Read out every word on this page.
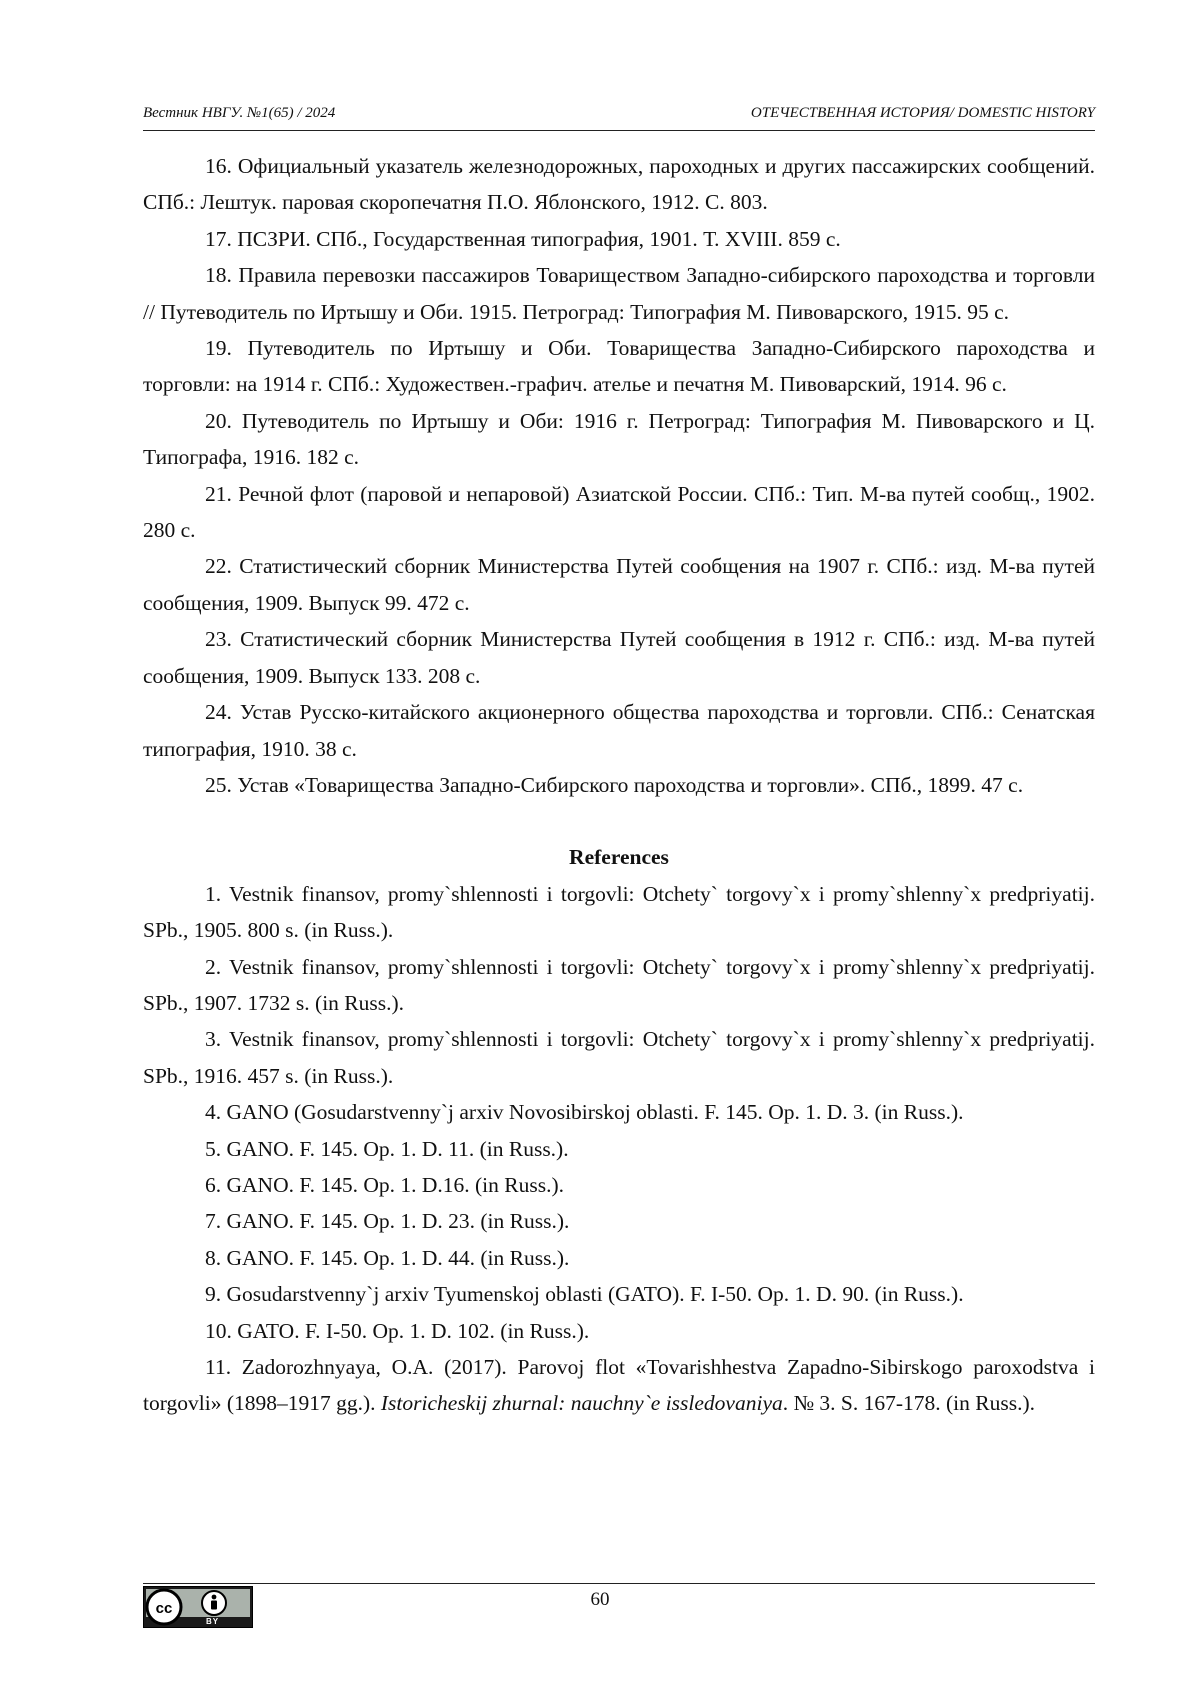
Вестник НВГУ. №1(65) / 2024	ОТЕЧЕСТВЕННАЯ ИСТОРИЯ/ DOMESTIC HISTORY

16. Официальный указатель железнодорожных, пароходных и других пассажирских сообщений. СПб.: Лештук. паровая скоропечатня П.О. Яблонского, 1912. С. 803.

17. ПСЗРИ. СПб., Государственная типография, 1901. Т. XVIII. 859 с.

18. Правила перевозки пассажиров Товариществом Западно-сибирского пароходства и торговли // Путеводитель по Иртышу и Оби. 1915. Петроград: Типография М. Пивоварского, 1915. 95 с.

19. Путеводитель по Иртышу и Оби. Товарищества Западно-Сибирского пароходства и торговли: на 1914 г. СПб.: Художествен.-графич. ателье и печатня М. Пивоварский, 1914. 96 с.

20. Путеводитель по Иртышу и Оби: 1916 г. Петроград: Типография М. Пивоварского и Ц. Типографа, 1916. 182 с.

21. Речной флот (паровой и непаровой) Азиатской России. СПб.: Тип. М-ва путей сообщ., 1902. 280 с.

22. Статистический сборник Министерства Путей сообщения на 1907 г. СПб.: изд. М-ва путей сообщения, 1909. Выпуск 99. 472 с.

23. Статистический сборник Министерства Путей сообщения в 1912 г. СПб.: изд. М-ва путей сообщения, 1909. Выпуск 133. 208 с.

24. Устав Русско-китайского акционерного общества пароходства и торговли. СПб.: Сенатская типография, 1910. 38 с.

25. Устав «Товарищества Западно-Сибирского пароходства и торговли». СПб., 1899. 47 с.

References

1. Vestnik finansov, promy`shlennosti i torgovli: Otchety` torgovy`x i promy`shlenny`x predpriyatij. SPb., 1905. 800 s. (in Russ.).

2. Vestnik finansov, promy`shlennosti i torgovli: Otchety` torgovy`x i promy`shlenny`x predpriyatij. SPb., 1907. 1732 s. (in Russ.).

3. Vestnik finansov, promy`shlennosti i torgovli: Otchety` torgovy`x i promy`shlenny`x predpriyatij. SPb., 1916. 457 s. (in Russ.).

4. GANO (Gosudarstvenny`j arxiv Novosibirskoj oblasti. F. 145. Op. 1. D. 3. (in Russ.).

5. GANO. F. 145. Op. 1. D. 11. (in Russ.).

6. GANO. F. 145. Op. 1. D.16. (in Russ.).

7. GANO. F. 145. Op. 1. D. 23. (in Russ.).

8. GANO. F. 145. Op. 1. D. 44. (in Russ.).

9. Gosudarstvenny`j arxiv Tyumenskoj oblasti (GATO). F. I-50. Op. 1. D. 90. (in Russ.).

10. GATO. F. I-50. Op. 1. D. 102. (in Russ.).

11. Zadorozhnyaya, O.A. (2017). Parovoj flot «Tovarishhestva Zapadno-Sibirskogo paroxodstva i torgovli» (1898–1917 gg.). Istoricheskij zhurnal: nauchny`e issledovaniya. № 3. S. 167-178. (in Russ.).

cc
BY
60
